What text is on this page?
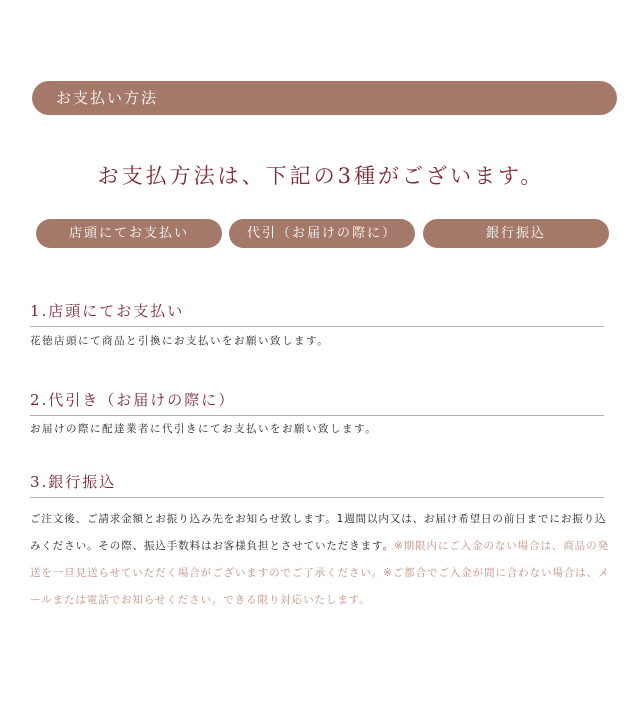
お支払い方法
お支払方法は、下記の3種がございます。
店頭にてお支払い	代引（お届けの際に）	銀行振込
1.店頭にてお支払い
花徳店頭にて商品と引換にお支払いをお願い致します。
2.代引き（お届けの際に）
お届けの際に配達業者に代引きにてお支払いをお願い致します。
3.銀行振込
ご注文後、ご請求金額とお振り込み先をお知らせ致します。1週間以内又は、お届け希望日の前日までにお振り込みください。その際、振込手数料はお客様負担とさせていただきます。※期限内にご入金のない場合は、商品の発送を一旦見送らせていただく場合がございますのでご了承ください。※ご都合でご入金が間に合わない場合は、メールまたは電話でお知らせください。できる限り対応いたします。
